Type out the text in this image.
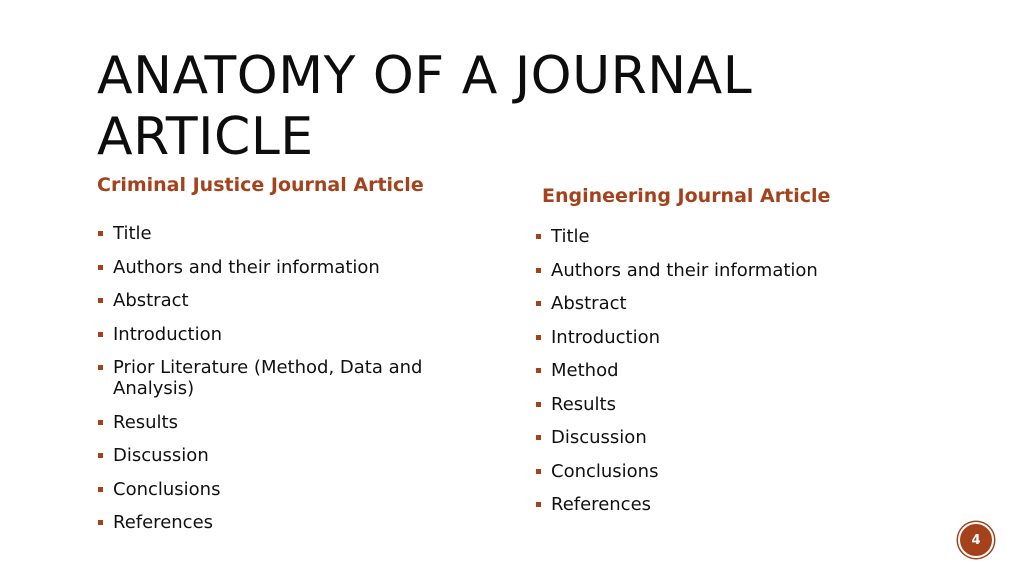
ANATOMY OF A JOURNAL ARTICLE
Criminal Justice Journal Article
Title
Authors and their information
Abstract
Introduction
Prior Literature (Method, Data and Analysis)
Results
Discussion
Conclusions
References
Engineering Journal Article
Title
Authors and their information
Abstract
Introduction
Method
Results
Discussion
Conclusions
References
4
